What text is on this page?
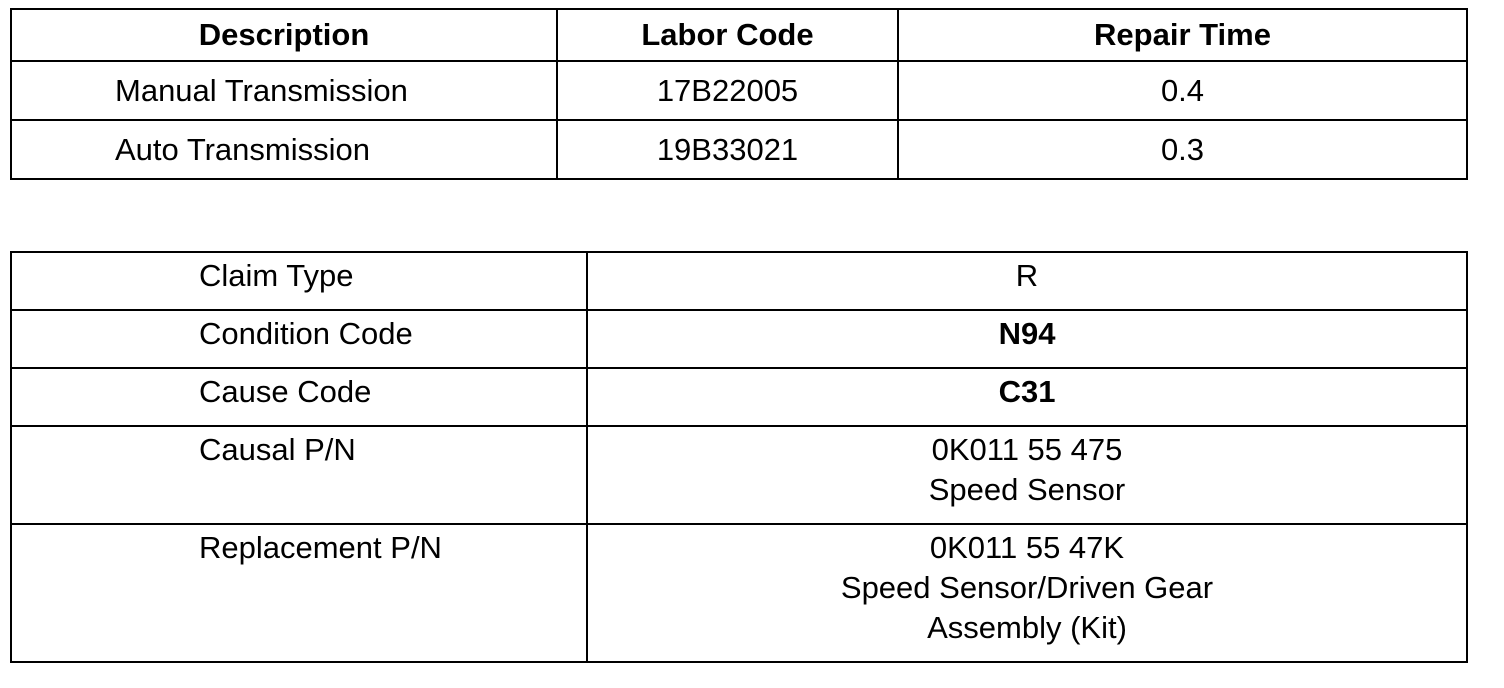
Description	Labor Code	Repair Time
Manual Transmission	17B22005	0.4
Auto Transmission	19B33021	0.3
Claim Type	R

Condition Code	N94

Cause Code	C31

Causal P/N	0K011 55 475
Speed Sensor

Replacement P/N	0K011 55 47K
Speed Sensor/Driven Gear
Assembly (Kit)
